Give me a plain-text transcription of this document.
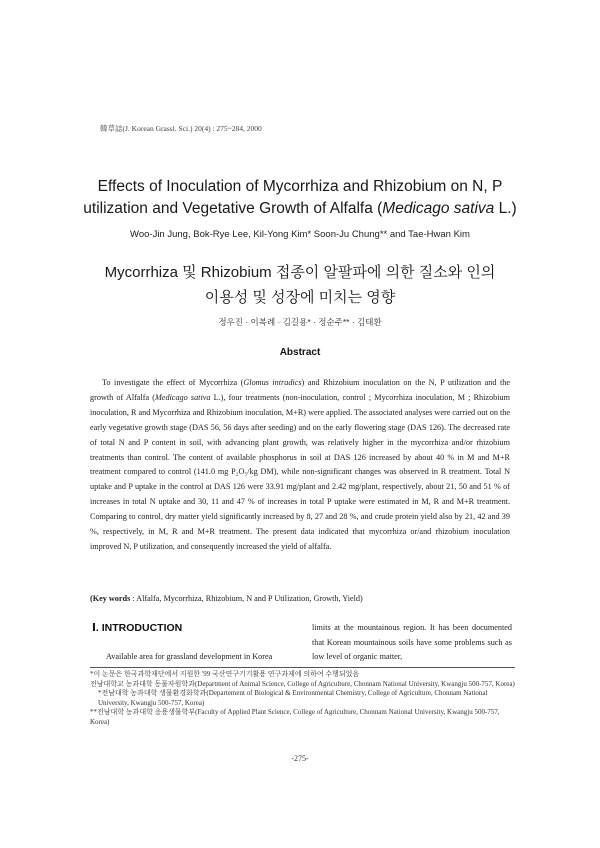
韓草誌(J. Korean Grassl. Sci.) 20(4) : 275~284, 2000
Effects of Inoculation of Mycorrhiza and Rhizobium on N, P
utilization and Vegetative Growth of Alfalfa (Medicago sativa L.)
Woo-Jin Jung, Bok-Rye Lee, Kil-Yong Kim* Soon-Ju Chung** and Tae-Hwan Kim
Mycorrhiza 및 Rhizobium 접종이 알팔파에 의한 질소와 인의
이용성 및 성장에 미치는 영향
정우진 · 이복례 · 김길용* · 정순주** · 김태환
Abstract
To investigate the effect of Mycorrhiza (Glomus intradics) and Rhizobium inoculation on the N, P utilization and the growth of Alfalfa (Medicago sativa L.), four treatments (non-inoculation, control ; Mycorrhiza inoculation, M ; Rhizobium inoculation, R and Mycorrhiza and Rhizobium inoculation, M+R) were applied. The associated analyses were carried out on the early vegetative growth stage (DAS 56, 56 days after seeding) and on the early flowering stage (DAS 126). The decreased rate of total N and P content in soil, with advancing plant growth, was relatively higher in the mycorrhiza and/or rhizobium treatments than control. The content of available phosphorus in soil at DAS 126 increased by about 40 % in M and M+R treatment compared to control (141.0 mg P₂O₅/kg DM), while non-significant changes was observed in R treatment. Total N uptake and P uptake in the control at DAS 126 were 33.91 mg/plant and 2.42 mg/plant, respectively, about 21, 50 and 51 % of increases in total N uptake and 30, 11 and 47 % of increases in total P uptake were estimated in M, R and M+R treatment. Comparing to control, dry matter yield significantly increased by 8, 27 and 28 %, and crude protein yield also by 21, 42 and 39 %, respectively, in M, R and M+R treatment. The present data indicated that mycorrhiza or/and rhizobium inoculation improved N, P utilization, and consequently increased the yield of alfalfa.
(Key words : Alfalfa, Mycorrhiza, Rhizobium, N and P Utilization, Growth, Yield)
Ⅰ. INTRODUCTION
Available area for grassland development in Korea
limits at the mountainous region. It has been documented that Korean mountainous soils have some problems such as low level of organic matter,

*이 논문은 한국과학재단에서 지원한 '99 국산연구기기활용 연구과제에 의하여 수행되었음

전남대학교 농과대학 동물자원학과(Department of Animal Science, College of Agriculture, Chonnam National University, Kwangju 500-757, Korea)

*전남대학 농과대학 생물환경화학과(Departement of Biological & Environmental Chemistry, College of Agriculture, Chonnam National University, Kwangju 500-757, Korea)

**전남대학 농과대학 응용생물학부(Faculty of Applied Plant Science, College of Agriculture, Chonnam National University, Kwangju 500-757, Korea)

-275-
